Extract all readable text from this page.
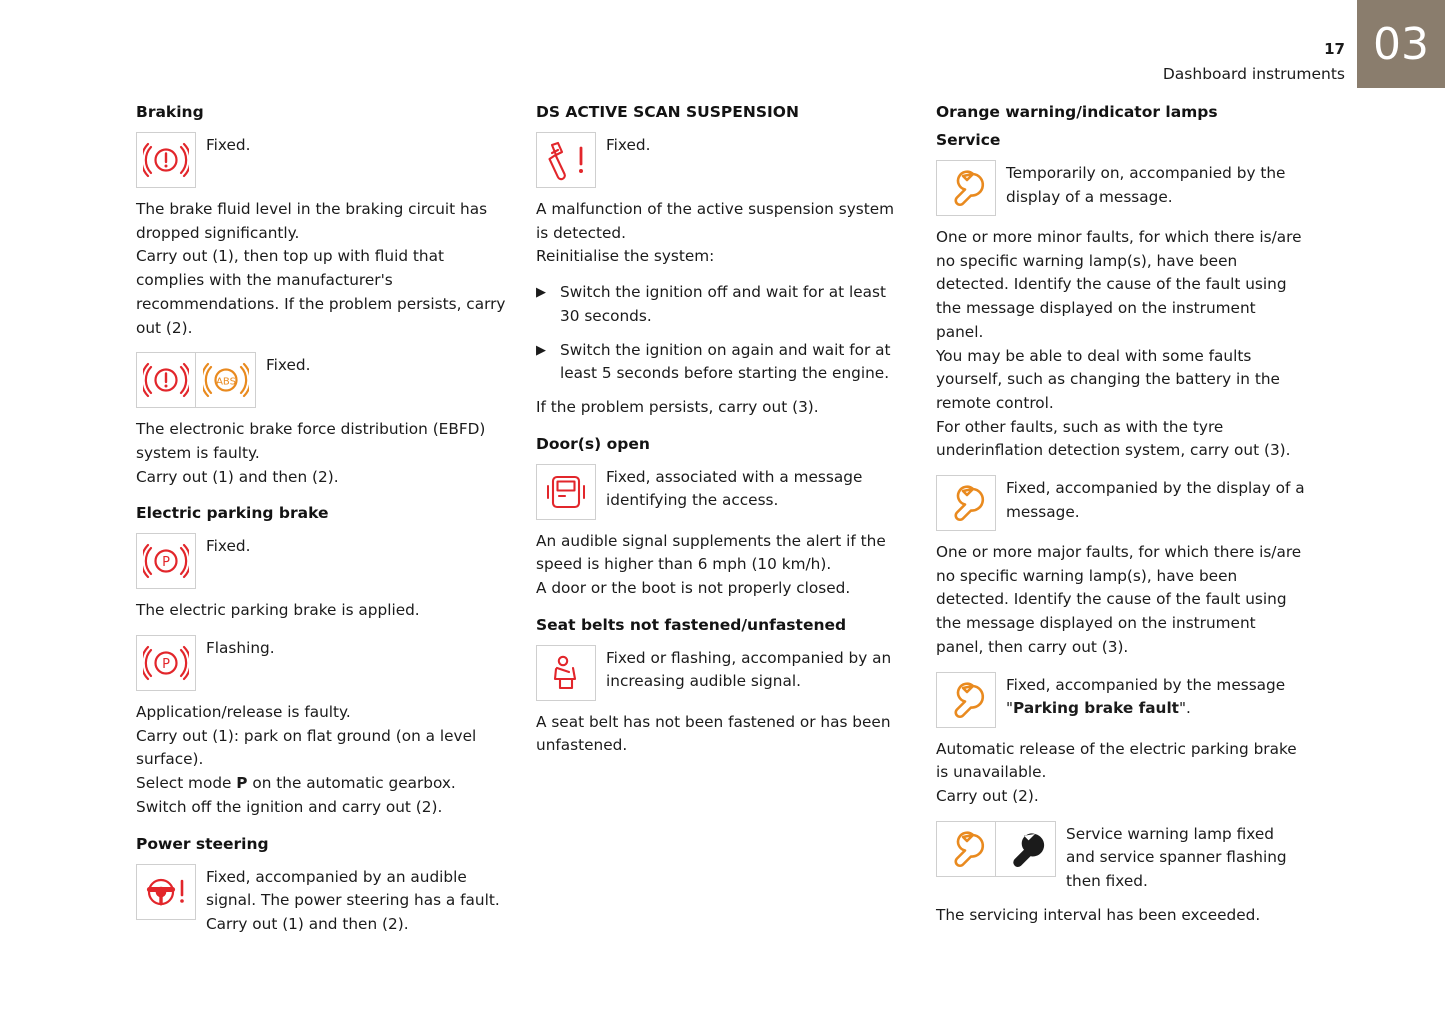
03
17
Dashboard instruments
Braking
Fixed.

The brake fluid level in the braking circuit has dropped significantly.
Carry out (1), then top up with fluid that complies with the manufacturer's recommendations. If the problem persists, carry out (2).

ABS
Fixed.

The electronic brake force distribution (EBFD) system is faulty.
Carry out (1) and then (2).

Electric parking brake
P
Fixed.

The electric parking brake is applied.

P
Flashing.

Application/release is faulty.
Carry out (1): park on flat ground (on a level surface).
Select mode P on the automatic gearbox.
Switch off the ignition and carry out (2).

Power steering
Fixed, accompanied by an audible signal. The power steering has a fault. Carry out (1) and then (2).
DS ACTIVE SCAN SUSPENSION
Fixed.

A malfunction of the active suspension system is detected.
Reinitialise the system:

▶ Switch the ignition off and wait for at least 30 seconds.
▶ Switch the ignition on again and wait for at least 5 seconds before starting the engine.

If the problem persists, carry out (3).

Door(s) open
Fixed, associated with a message identifying the access.

An audible signal supplements the alert if the speed is higher than 6 mph (10 km/h).
A door or the boot is not properly closed.

Seat belts not fastened/unfastened
Fixed or flashing, accompanied by an increasing audible signal.

A seat belt has not been fastened or has been unfastened.

Orange warning/indicator lamps
Service
Temporarily on, accompanied by the display of a message.

One or more minor faults, for which there is/are no specific warning lamp(s), have been detected. Identify the cause of the fault using the message displayed on the instrument panel.
You may be able to deal with some faults yourself, such as changing the battery in the remote control.
For other faults, such as with the tyre underinflation detection system, carry out (3).

Fixed, accompanied by the display of a message.

One or more major faults, for which there is/are no specific warning lamp(s), have been detected. Identify the cause of the fault using the message displayed on the instrument panel, then carry out (3).

Fixed, accompanied by the message "Parking brake fault".

Automatic release of the electric parking brake is unavailable.
Carry out (2).

Service warning lamp fixed and service spanner flashing then fixed.

The servicing interval has been exceeded.
